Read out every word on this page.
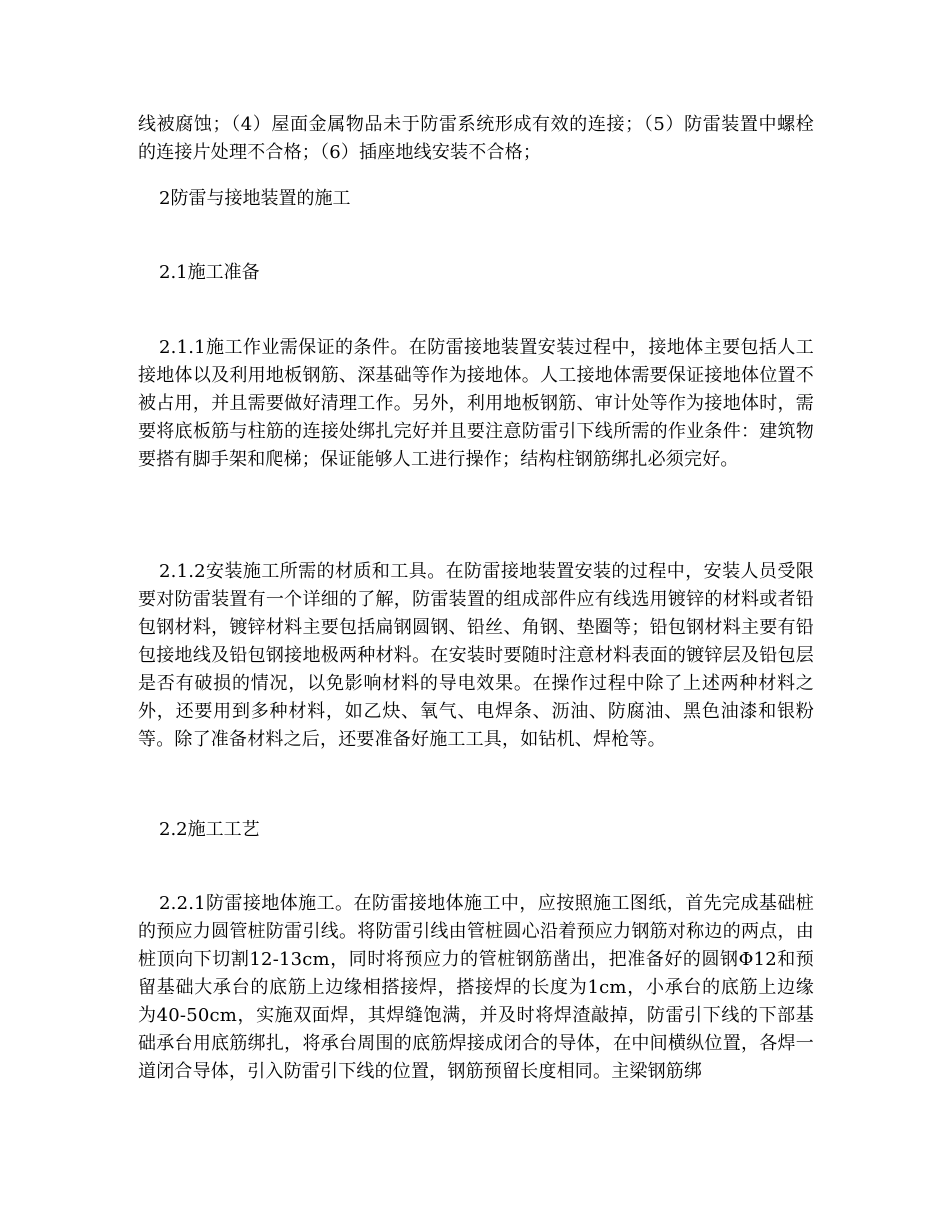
线被腐蚀；（4）屋面金属物品未于防雷系统形成有效的连接；（5）防雷装置中螺栓的连接片处理不合格；（6）插座地线安装不合格；
2防雷与接地装置的施工
2.1施工准备
2.1.1施工作业需保证的条件。在防雷接地装置安装过程中，接地体主要包括人工接地体以及利用地板钢筋、深基础等作为接地体。人工接地体需要保证接地体位置不被占用，并且需要做好清理工作。另外，利用地板钢筋、审计处等作为接地体时，需要将底板筋与柱筋的连接处绑扎完好并且要注意防雷引下线所需的作业条件：建筑物要搭有脚手架和爬梯；保证能够人工进行操作；结构柱钢筋绑扎必须完好。
2.1.2安装施工所需的材质和工具。在防雷接地装置安装的过程中，安装人员受限要对防雷装置有一个详细的了解，防雷装置的组成部件应有线选用镀锌的材料或者铅包钢材料，镀锌材料主要包括扁钢圆钢、铅丝、角钢、垫圈等；铅包钢材料主要有铅包接地线及铅包钢接地极两种材料。在安装时要随时注意材料表面的镀锌层及铅包层是否有破损的情况，以免影响材料的导电效果。在操作过程中除了上述两种材料之外，还要用到多种材料，如乙炔、氧气、电焊条、沥油、防腐油、黑色油漆和银粉等。除了准备材料之后，还要准备好施工工具，如钻机、焊枪等。
2.2施工工艺
2.2.1防雷接地体施工。在防雷接地体施工中，应按照施工图纸，首先完成基础桩的预应力圆管桩防雷引线。将防雷引线由管桩圆心沿着预应力钢筋对称边的两点，由桩顶向下切割12-13cm，同时将预应力的管桩钢筋凿出，把准备好的圆钢Φ12和预留基础大承台的底筋上边缘相搭接焊，搭接焊的长度为1cm，小承台的底筋上边缘为40-50cm，实施双面焊，其焊缝饱满，并及时将焊渣敲掉，防雷引下线的下部基础承台用底筋绑扎，将承台周围的底筋焊接成闭合的导体，在中间横纵位置，各焊一道闭合导体，引入防雷引下线的位置，钢筋预留长度相同。主梁钢筋绑
